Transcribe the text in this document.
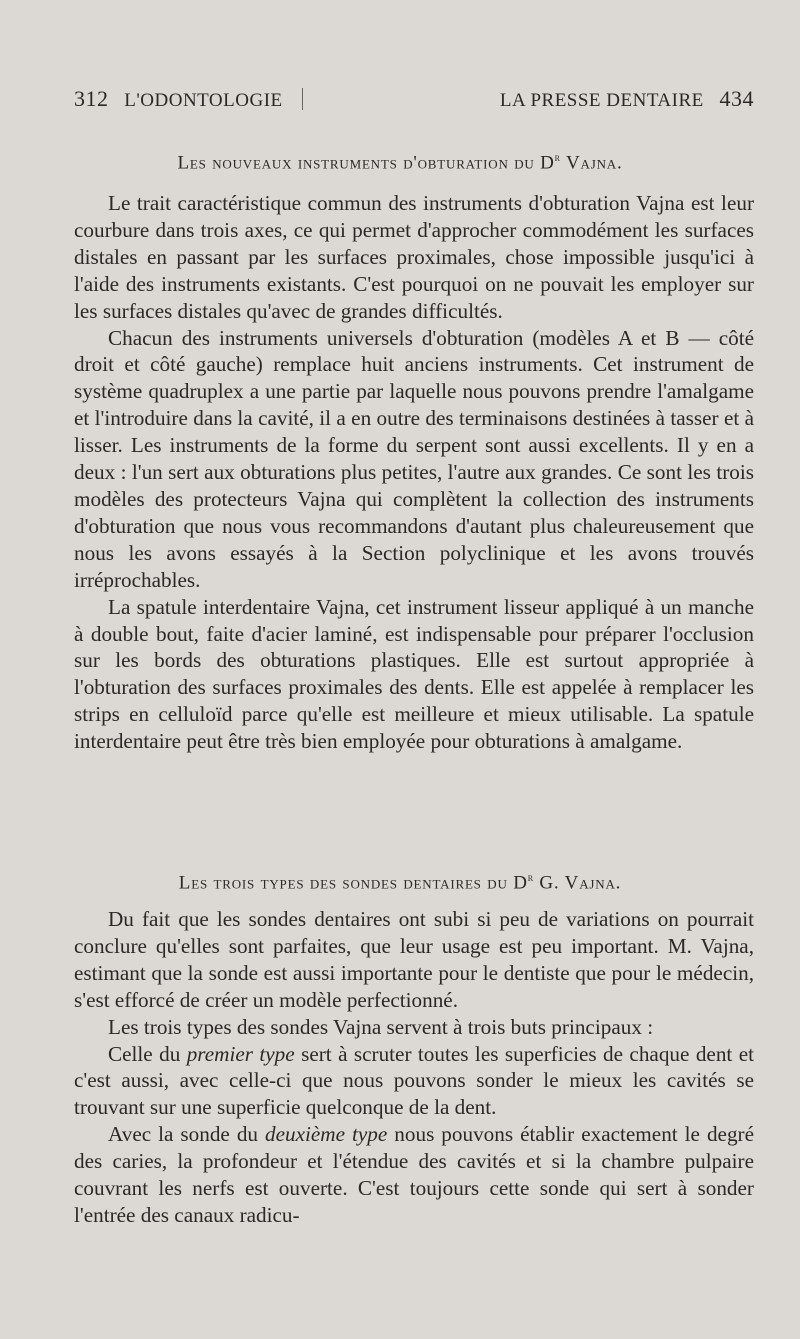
312 L'ODONTOLOGIE	LA PRESSE DENTAIRE 434
Les nouveaux instruments d'obturation du $D^r$ Vajna.

Le trait caractéristique commun des instruments d'obturation Vajna est leur courbure dans trois axes, ce qui permet d'approcher commodément les surfaces distales en passant par les surfaces proximales, chose impossible jusqu'ici à l'aide des instruments existants. C'est pourquoi on ne pouvait les employer sur les surfaces distales qu'avec de grandes difficultés.

Chacun des instruments universels d'obturation (modèles A et B — côté droit et côté gauche) remplace huit anciens instruments. Cet instrument de système quadruplex a une partie par laquelle nous pouvons prendre l'amalgame et l'introduire dans la cavité, il a en outre des terminaisons destinées à tasser et à lisser. Les instruments de la forme du serpent sont aussi excellents. Il y en a deux : l'un sert aux obturations plus petites, l'autre aux grandes. Ce sont les trois modèles des protecteurs Vajna qui complètent la collection des instruments d'obturation que nous vous recommandons d'autant plus chaleureusement que nous les avons essayés à la Section polyclinique et les avons trouvés irréprochables.

La spatule interdentaire Vajna, cet instrument lisseur appliqué à un manche à double bout, faite d'acier laminé, est indispensable pour préparer l'occlusion sur les bords des obturations plastiques. Elle est surtout appropriée à l'obturation des surfaces proximales des dents. Elle est appelée à remplacer les strips en celluloïd parce qu'elle est meilleure et mieux utilisable. La spatule interdentaire peut être très bien employée pour obturations à amalgame.

Les trois types des sondes dentaires du $D^r$ G. Vajna.

Du fait que les sondes dentaires ont subi si peu de variations on pourrait conclure qu'elles sont parfaites, que leur usage est peu important. M. Vajna, estimant que la sonde est aussi importante pour le dentiste que pour le médecin, s'est efforcé de créer un modèle perfectionné.

Les trois types des sondes Vajna servent à trois buts principaux :

Celle du premier type sert à scruter toutes les superficies de chaque dent et c'est aussi, avec celle-ci que nous pouvons sonder le mieux les cavités se trouvant sur une superficie quelconque de la dent.

Avec la sonde du deuxième type nous pouvons établir exactement le degré des caries, la profondeur et l'étendue des cavités et si la chambre pulpaire couvrant les nerfs est ouverte. C'est toujours cette sonde qui sert à sonder l'entrée des canaux radicu-
